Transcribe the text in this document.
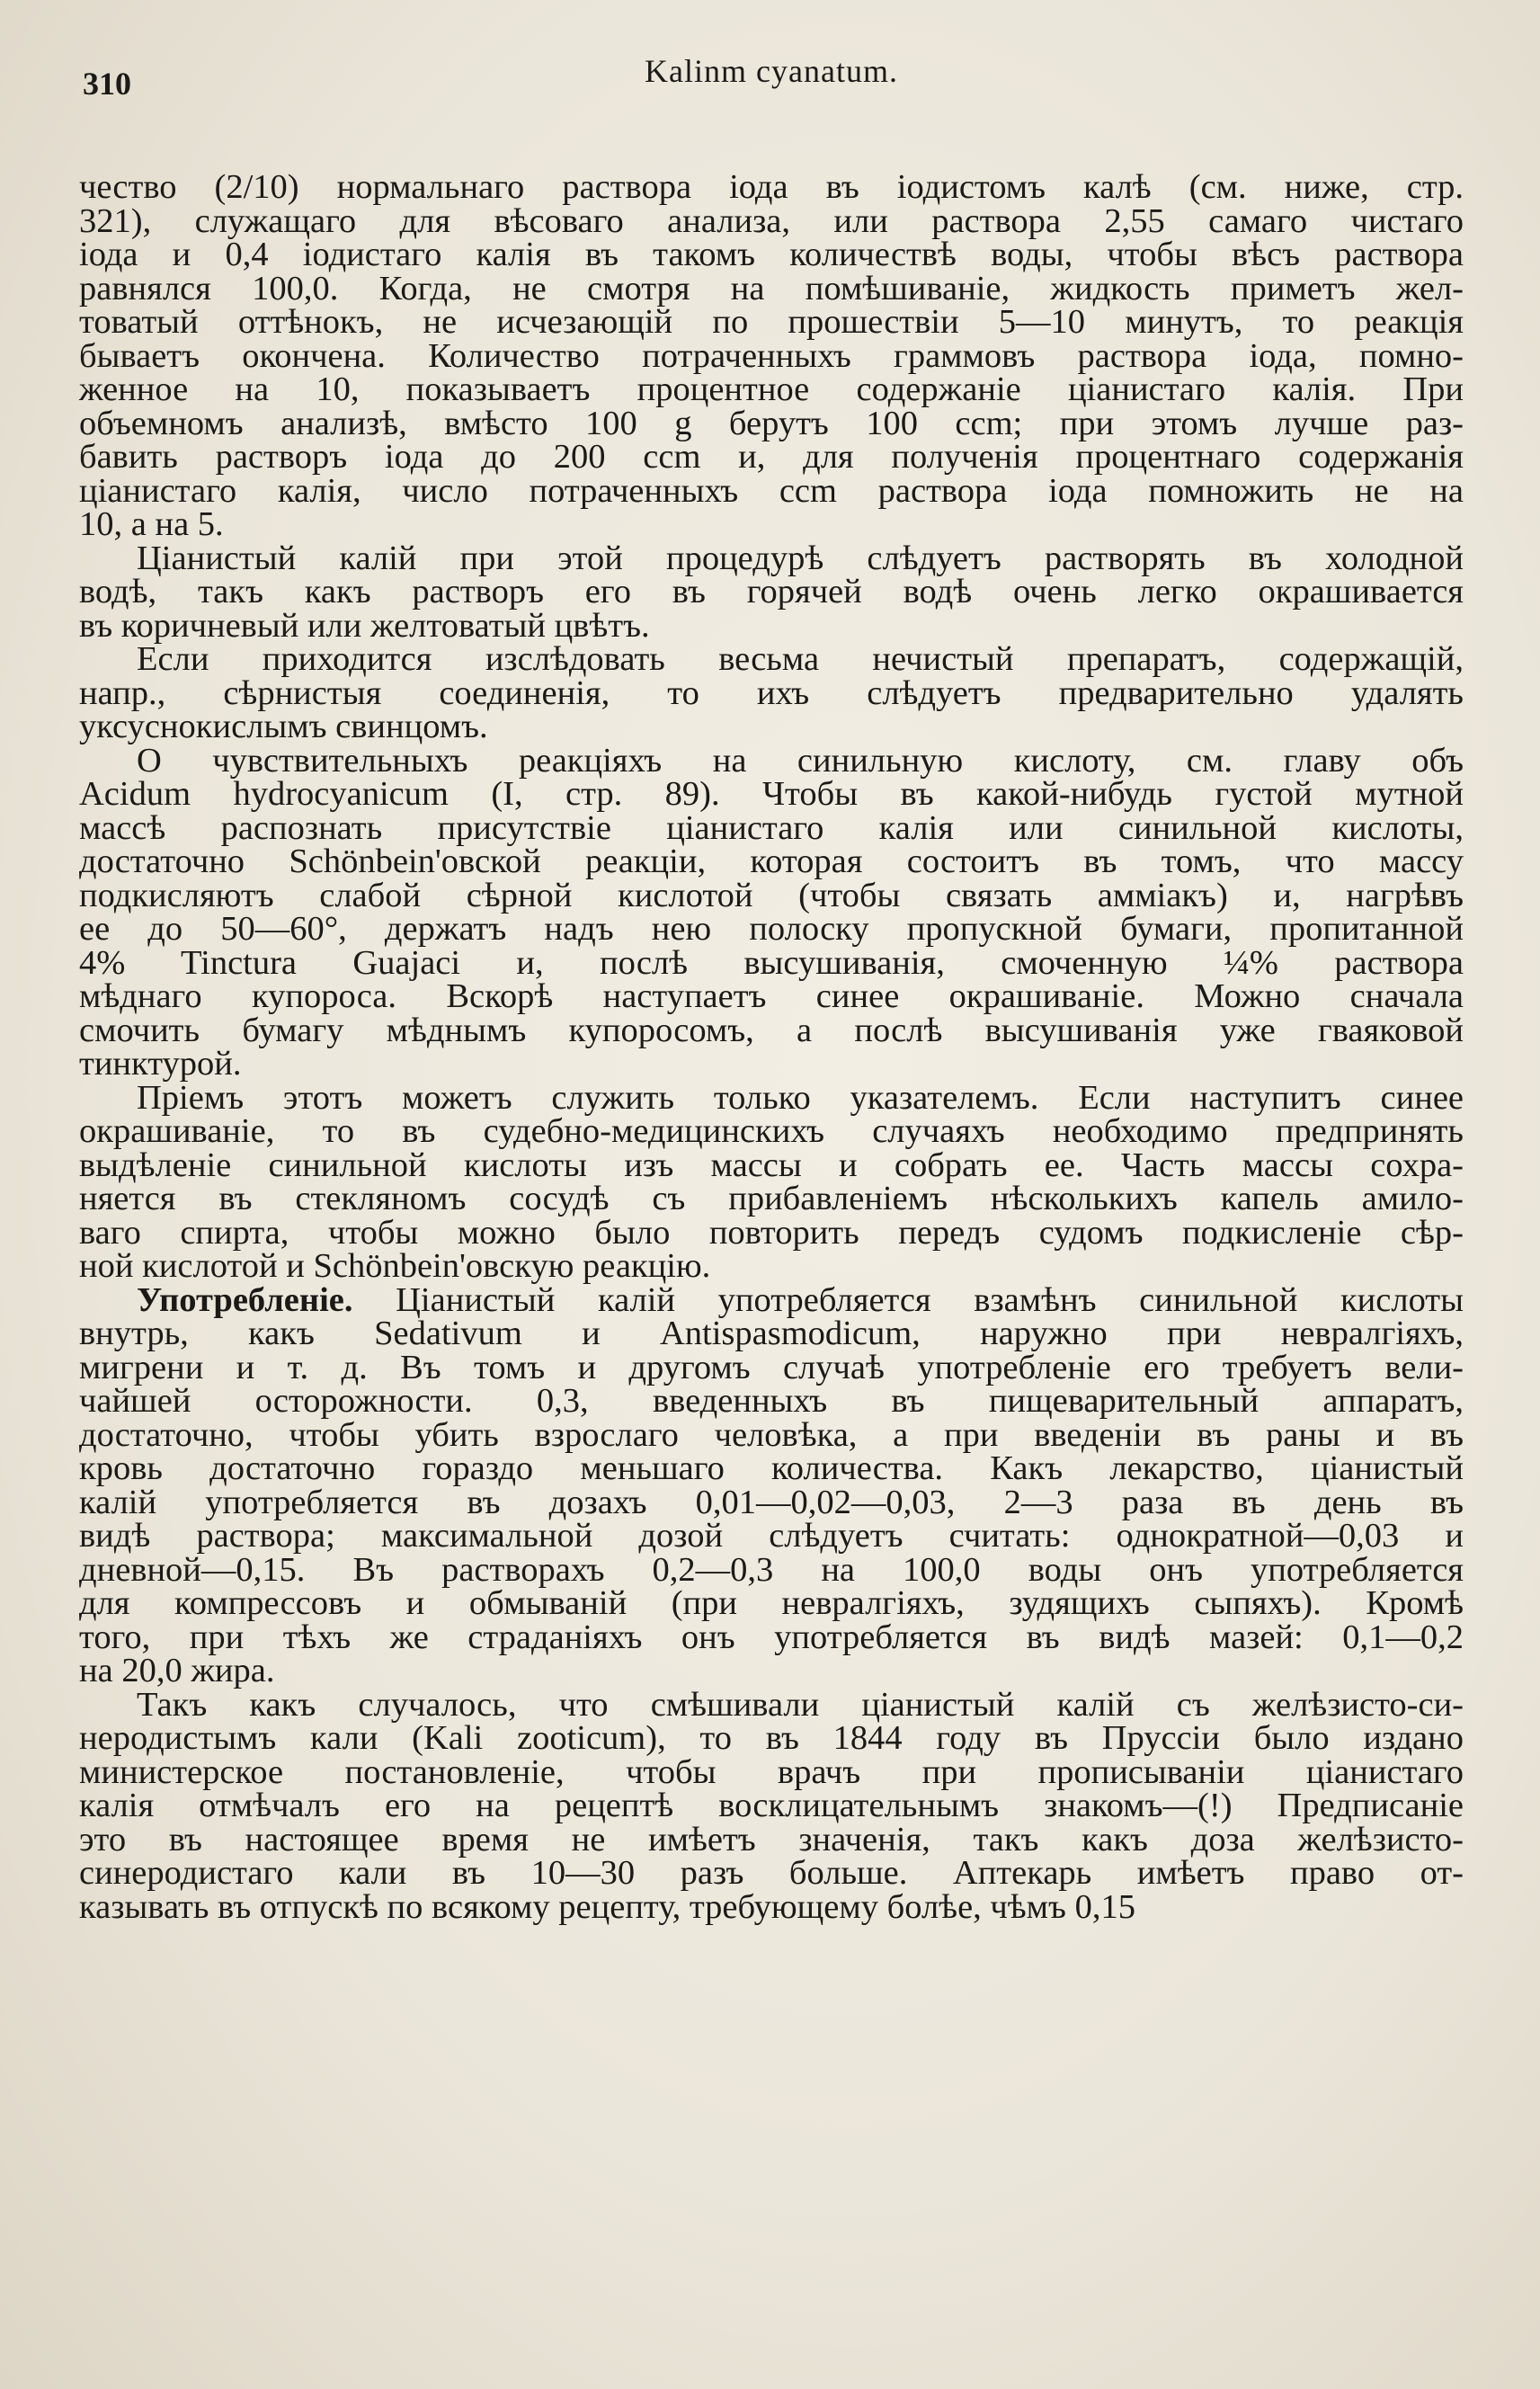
310	Kalinm cyanatum.

чество (2/10) нормальнаго раствора іода въ іодистомъ калѣ (см. ниже, стр.
321), служащаго для вѣсоваго анализа, или раствора 2,55 самаго чистаго
іода и 0,4 іодистаго калія въ такомъ количествѣ воды, чтобы вѣсъ раствора
равнялся 100,0. Когда, не смотря на помѣшиваніе, жидкость приметъ жел-
товатый оттѣнокъ, не исчезающій по прошествіи 5—10 минутъ, то реакція
бываетъ окончена. Количество потраченныхъ граммовъ раствора іода, помно-
женное на 10, показываетъ процентное содержаніе ціанистаго калія. При
объемномъ анализѣ, вмѣсто 100 g берутъ 100 ccm; при этомъ лучше раз-
бавить растворъ іода до 200 ccm и, для полученія процентнаго содержанія
ціанистаго калія, число потраченныхъ ccm раствора іода помножить не на
10, а на 5.

Ціанистый калій при этой процедурѣ слѣдуетъ растворять въ холодной
водѣ, такъ какъ растворъ его въ горячей водѣ очень легко окрашивается
въ коричневый или желтоватый цвѣтъ.

Если приходится изслѣдовать весьма нечистый препаратъ, содержащій,
напр., сѣрнистыя соединенія, то ихъ слѣдуетъ предварительно удалять
уксуснокислымъ свинцомъ.

О чувствительныхъ реакціяхъ на синильную кислоту, см. главу объ
Acidum hydrocyanicum (I, стр. 89). Чтобы въ какой-нибудь густой мутной
массѣ распознать присутствіе ціанистаго калія или синильной кислоты,
достаточно Schönbein'овской реакціи, которая состоитъ въ томъ, что массу
подкисляютъ слабой сѣрной кислотой (чтобы связать амміакъ) и, нагрѣвъ
ее до 50—60°, держатъ надъ нею полоску пропускной бумаги, пропитанной
4% Tinctura Guajaci и, послѣ высушиванія, смоченную ¼% раствора
мѣднаго купороса. Вскорѣ наступаетъ синее окрашиваніе. Можно сначала
смочить бумагу мѣднымъ купоросомъ, а послѣ высушиванія уже гваяковой
тинктурой.

Пріемъ этотъ можетъ служить только указателемъ. Если наступитъ синее
окрашиваніе, то въ судебно-медицинскихъ случаяхъ необходимо предпринять
выдѣленіе синильной кислоты изъ массы и собрать ее. Часть массы сохра-
няется въ стекляномъ сосудѣ съ прибавленіемъ нѣсколькихъ капель амило-
ваго спирта, чтобы можно было повторить передъ судомъ подкисленіе сѣр-
ной кислотой и Schönbein'овскую реакцію.

Употребленіе. Ціанистый калій употребляется взамѣнъ синильной кислоты
внутрь, какъ Sedativum и Antispasmodicum, наружно при невралгіяхъ,
мигрени и т. д. Въ томъ и другомъ случаѣ употребленіе его требуетъ вели-
чайшей осторожности. 0,3, введенныхъ въ пищеварительный аппаратъ,
достаточно, чтобы убить взрослаго человѣка, а при введеніи въ раны и въ
кровь достаточно гораздо меньшаго количества. Какъ лекарство, ціанистый
калій употребляется въ дозахъ 0,01—0,02—0,03, 2—3 раза въ день въ
видѣ раствора; максимальной дозой слѣдуетъ считать: однократной—0,03 и
дневной—0,15. Въ растворахъ 0,2—0,3 на 100,0 воды онъ употребляется
для компрессовъ и обмываній (при невралгіяхъ, зудящихъ сыпяхъ). Кромѣ
того, при тѣхъ же страданіяхъ онъ употребляется въ видѣ мазей: 0,1—0,2
на 20,0 жира.

Такъ какъ случалось, что смѣшивали ціанистый калій съ желѣзисто-си-
неродистымъ кали (Kali zooticum), то въ 1844 году въ Пруссіи было издано
министерское постановленіе, чтобы врачъ при прописываніи ціанистаго
калія отмѣчалъ его на рецептѣ восклицательнымъ знакомъ—(!) Предписаніе
это въ настоящее время не имѣетъ значенія, такъ какъ доза желѣзисто-
синеродистаго кали въ 10—30 разъ больше. Аптекарь имѣетъ право от-
казывать въ отпускѣ по всякому рецепту, требующему болѣе, чѣмъ 0,15
